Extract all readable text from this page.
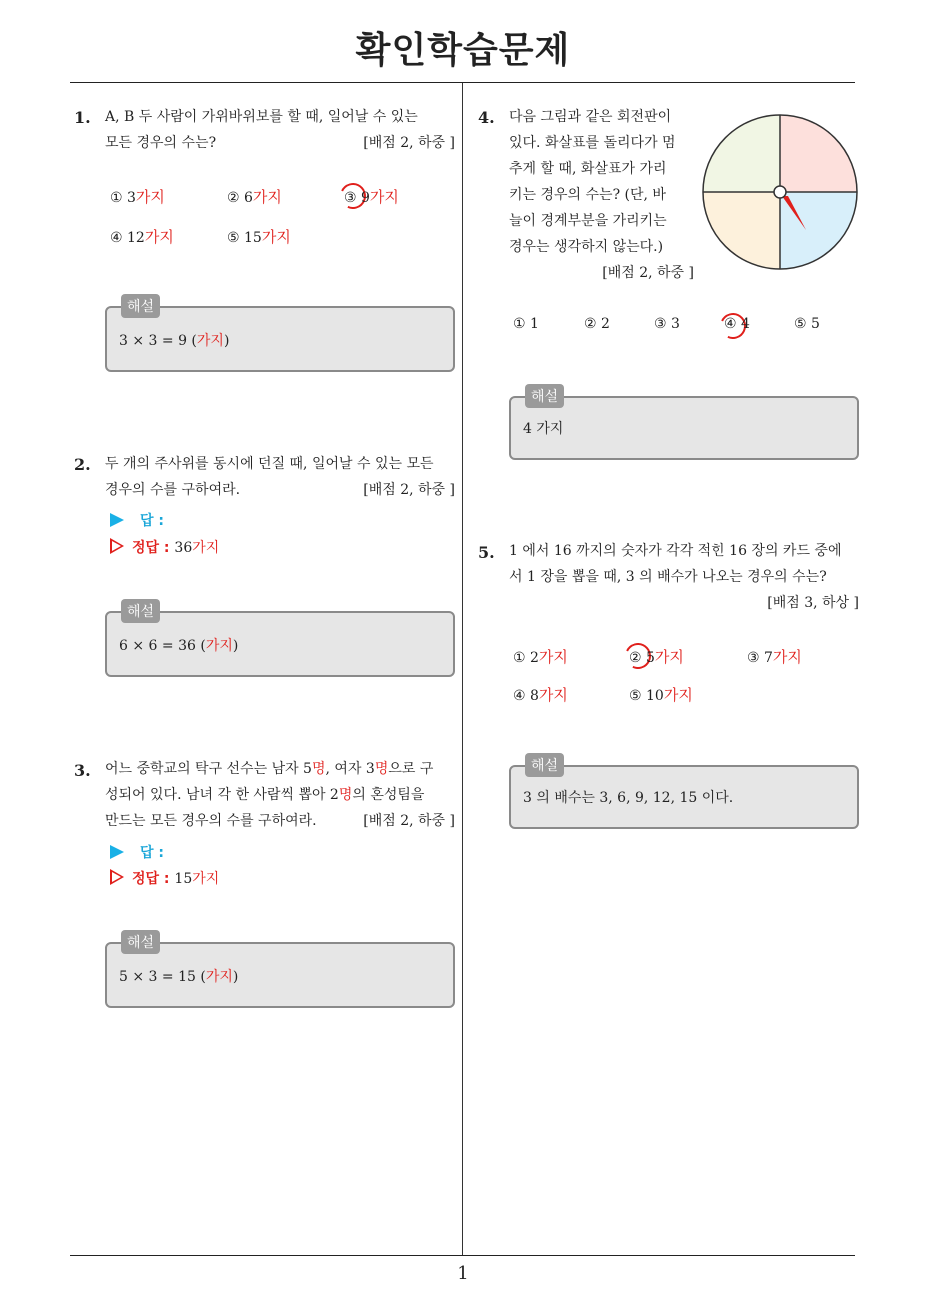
확인학습문제
1. A, B 두 사람이 가위바위보를 할 때, 일어날 수 있는
모든 경우의 수는?	[배점 2, 하중 ]
① 3가지	② 6가지	③ 9가지
④ 12가지	⑤ 15가지
해설
3 × 3 = 9 (가지)
2. 두 개의 주사위를 동시에 던질 때, 일어날 수 있는 모든
경우의 수를 구하여라.	[배점 2, 하중 ]
답 :
정답 : 36가지
해설
6 × 6 = 36 (가지)
3. 어느 중학교의 탁구 선수는 남자 5명, 여자 3명으로 구
성되어 있다. 남녀 각 한 사람씩 뽑아 2명의 혼성팀을
만드는 모든 경우의 수를 구하여라.	[배점 2, 하중 ]
답 :
정답 : 15가지
해설
5 × 3 = 15 (가지)
4. 다음 그림과 같은 회전판이
있다. 화살표를 돌리다가 멈
추게 할 때, 화살표가 가리
키는 경우의 수는? (단, 바
늘이 경계부분을 가리키는
경우는 생각하지 않는다.)
[배점 2, 하중 ]
① 1	② 2	③ 3	④ 4	⑤ 5
해설
4 가지
5. 1 에서 16 까지의 숫자가 각각 적힌 16 장의 카드 중에
서 1 장을 뽑을 때, 3 의 배수가 나오는 경우의 수는?
[배점 3, 하상 ]
① 2가지	② 5가지	③ 7가지
④ 8가지	⑤ 10가지
해설
3 의 배수는 3, 6, 9, 12, 15 이다.
1
